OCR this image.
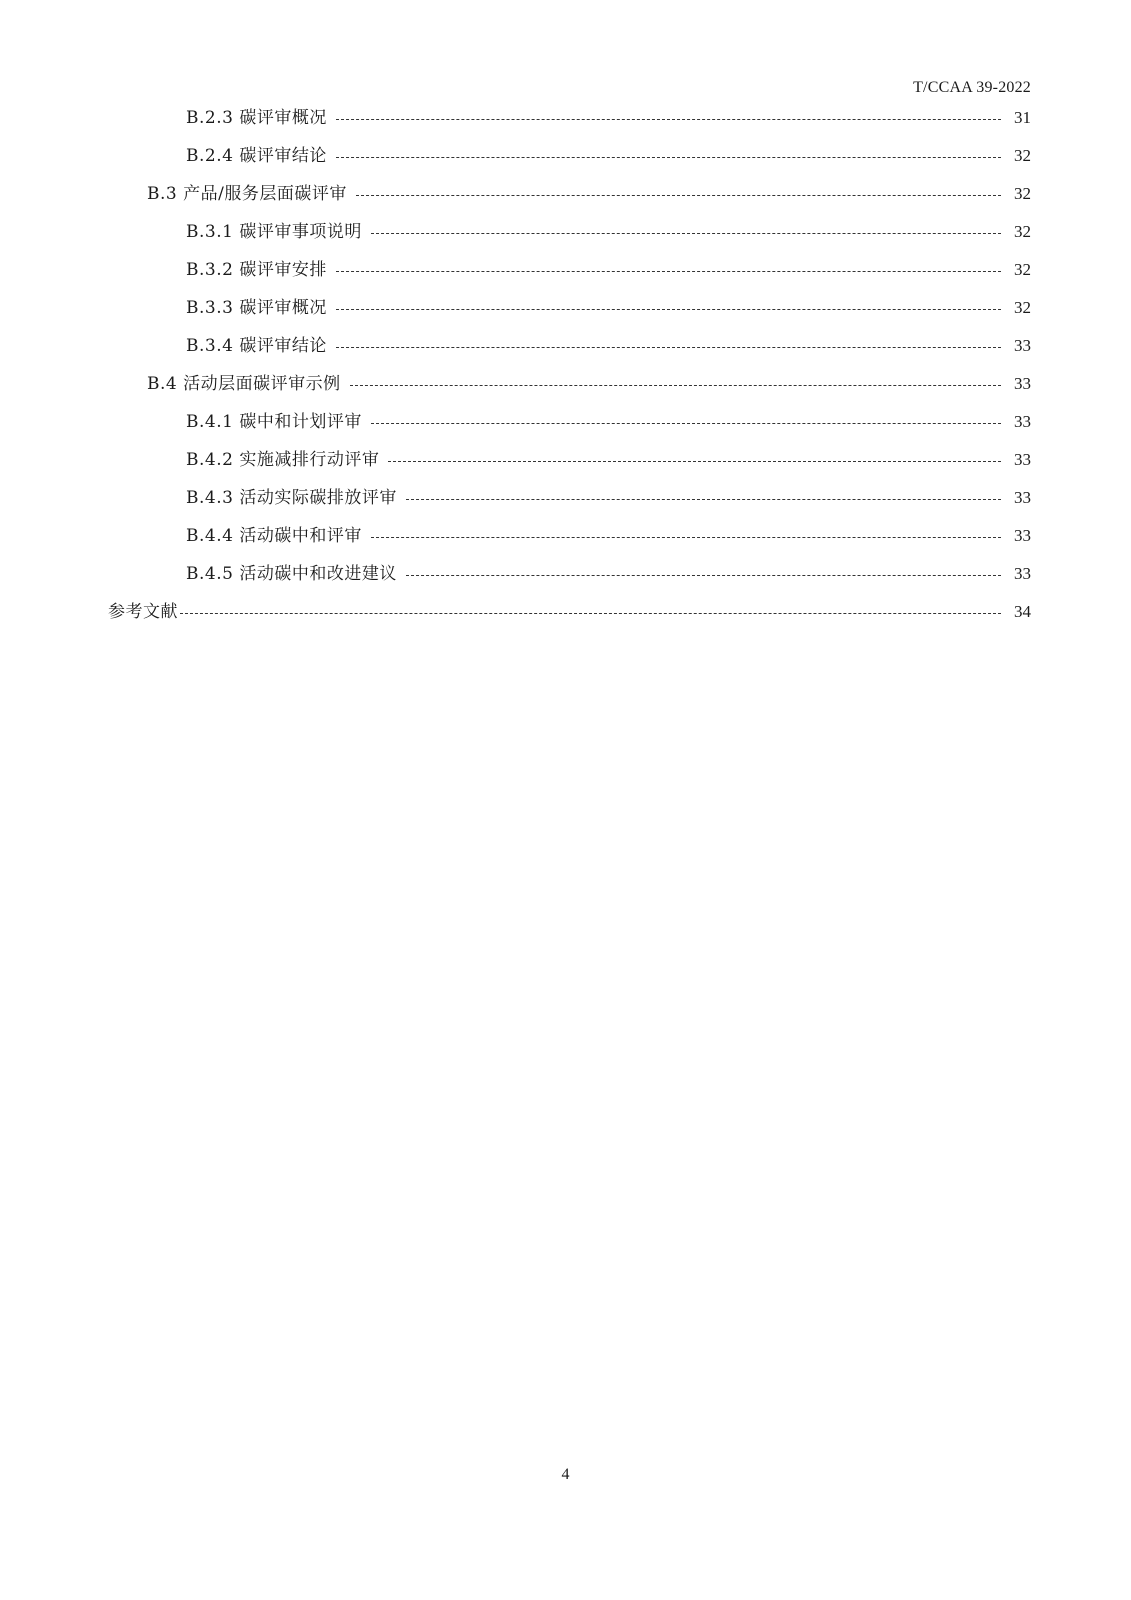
T/CCAA 39-2022
B.2.3 碳评审概况	31
B.2.4 碳评审结论	32
B.3 产品/服务层面碳评审	32
B.3.1 碳评审事项说明	32
B.3.2 碳评审安排	32
B.3.3 碳评审概况	32
B.3.4 碳评审结论	33
B.4 活动层面碳评审示例	33
B.4.1 碳中和计划评审	33
B.4.2 实施减排行动评审	33
B.4.3 活动实际碳排放评审	33
B.4.4 活动碳中和评审	33
B.4.5 活动碳中和改进建议	33
参考文献	34
4
